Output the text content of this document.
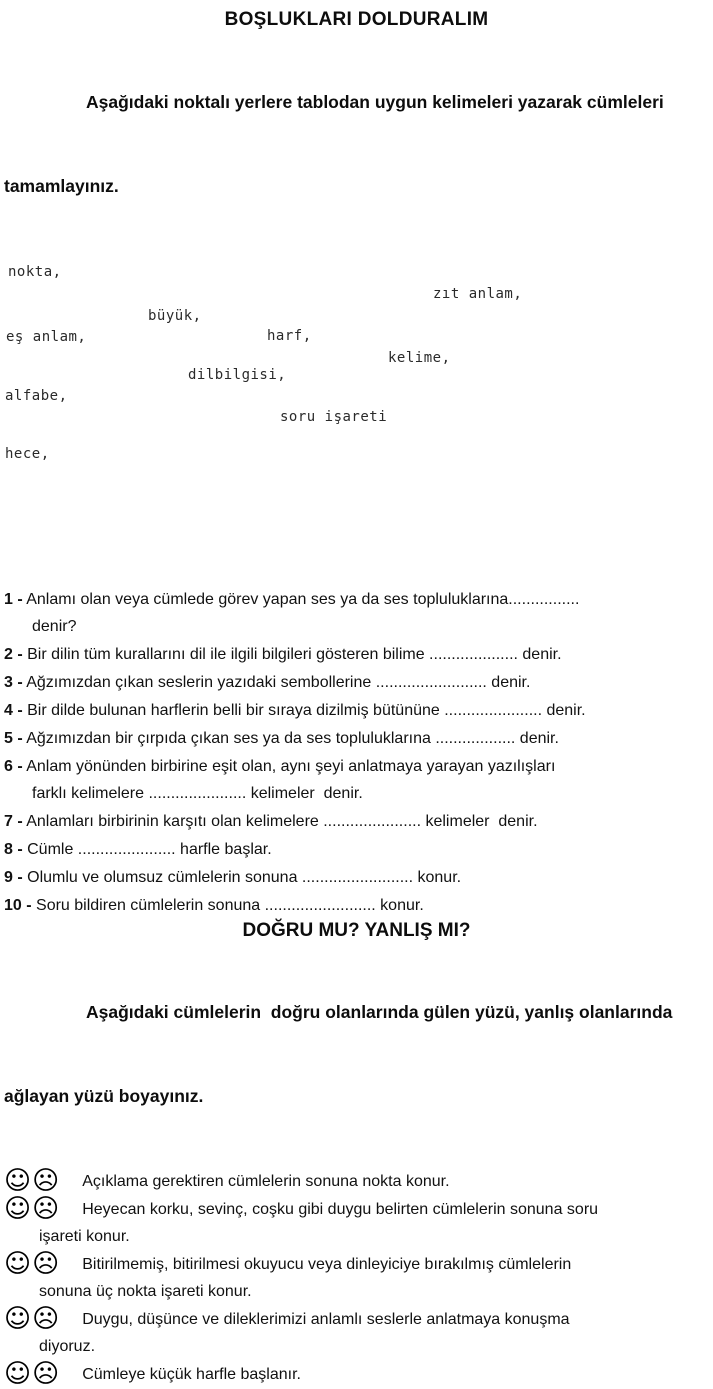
BOŞLUKLARI DOLDURALIM

Aşağıdaki noktalı yerlere tablodan uygun kelimeleri yazarak cümleleri

tamamlayınız.

nokta,
zıt anlam,
büyük,
eş anlam,	harf,
kelime,
dilbilgisi,
alfabe,
soru işareti
hece,
1 - Anlamı olan veya cümlede görev yapan ses ya da ses topluluklarına................
denir?
2 - Bir dilin tüm kurallarını dil ile ilgili bilgileri gösteren bilime .................... denir.
3 - Ağzımızdan çıkan seslerin yazıdaki sembollerine ......................... denir.
4 - Bir dilde bulunan harflerin belli bir sıraya dizilmiş bütününe ...................... denir.
5 - Ağzımızdan bir çırpıda çıkan ses ya da ses topluluklarına .................. denir.
6 - Anlam yönünden birbirine eşit olan, aynı şeyi anlatmaya yarayan yazılışları
farklı kelimelere ...................... kelimeler  denir.
7 - Anlamları birbirinin karşıtı olan kelimelere ...................... kelimeler  denir.
8 - Cümle ...................... harfle başlar.
9 - Olumlu ve olumsuz cümlelerin sonuna ......................... konur.
10 - Soru bildiren cümlelerin sonuna ......................... konur.
DOĞRU MU? YANLIŞ MI?

Aşağıdaki cümlelerin  doğru olanlarında gülen yüzü, yanlış olanlarında

ağlayan yüzü boyayınız.

☺☹ Açıklama gerektiren cümlelerin sonuna nokta konur.
☺☹ Heyecan korku, sevinç, coşku gibi duygu belirten cümlelerin sonuna soru
işareti konur.
☺☹ Bitirilmemiş, bitirilmesi okuyucu veya dinleyiciye bırakılmış cümlelerin
sonuna üç nokta işareti konur.
☺☹ Duygu, düşünce ve dileklerimizi anlamlı seslerle anlatmaya konuşma
diyoruz.
☺☹ Cümleye küçük harfle başlanır.
